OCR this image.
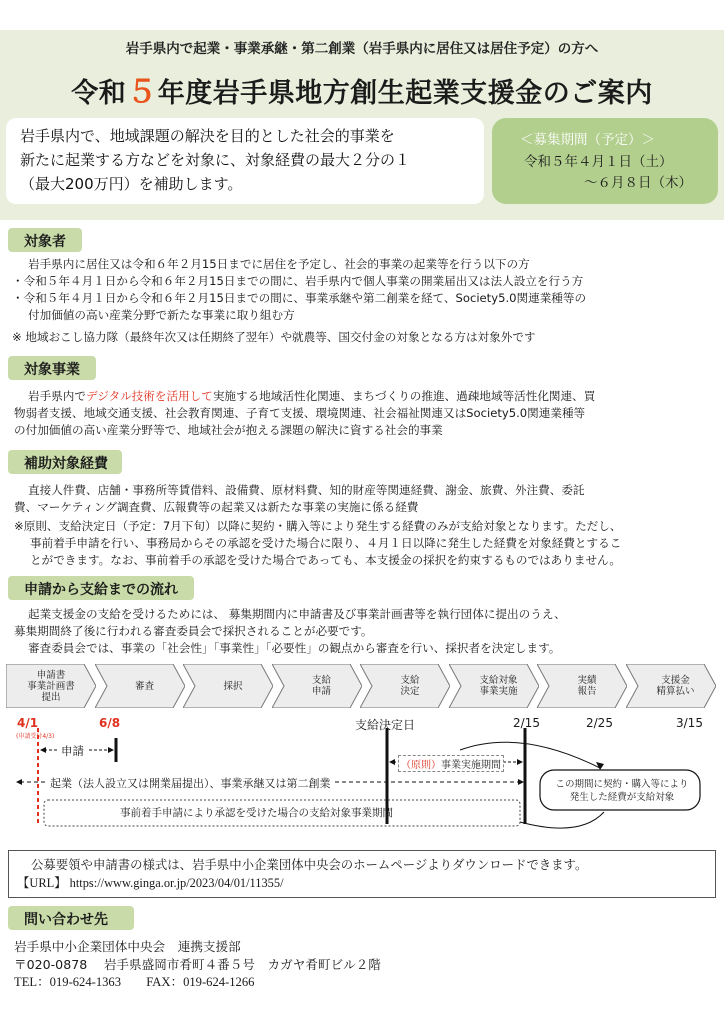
岩手県内で起業・事業承継・第二創業（岩手県内に居住又は居住予定）の方へ
令和５年度岩手県地方創生起業支援金のご案内
岩手県内で、地域課題の解決を目的とした社会的事業を
新たに起業する方などを対象に、対象経費の最大２分の１
（最大200万円）を補助します。
＜募集期間（予定）＞
令和５年４月１日（土）
～６月８日（木）
対象者
岩手県内に居住又は令和６年２月15日までに居住を予定し、社会的事業の起業等を行う以下の方
・令和５年４月１日から令和６年２月15日までの間に、岩手県内で個人事業の開業届出又は法人設立を行う方
・令和５年４月１日から令和６年２月15日までの間に、事業承継や第二創業を経て、Society5.0関連業種等の
付加価値の高い産業分野で新たな事業に取り組む方
※ 地域おこし協力隊（最終年次又は任期終了翌年）や就農等、国交付金の対象となる方は対象外です
対象事業
岩手県内でデジタル技術を活用して実施する地域活性化関連、まちづくりの推進、過疎地域等活性化関連、買
物弱者支援、地域交通支援、社会教育関連、子育て支援、環境関連、社会福祉関連又はSociety5.0関連業種等
の付加価値の高い産業分野等で、地域社会が抱える課題の解決に資する社会的事業
補助対象経費
直接人件費、店舗・事務所等賃借料、設備費、原材料費、知的財産等関連経費、謝金、旅費、外注費、委託
費、マーケティング調査費、広報費等の起業又は新たな事業の実施に係る経費
※原則、支給決定日（予定：7月下旬）以降に契約・購入等により発生する経費のみが支給対象となります。ただし、
事前着手申請を行い、事務局からその承認を受けた場合に限り、４月１日以降に発生した経費を対象経費とするこ
とができます。なお、事前着手の承認を受けた場合であっても、本支援金の採択を約束するものではありません。
申請から支給までの流れ
起業支援金の支給を受けるためには、 募集期間内に申請書及び事業計画書等を執行団体に提出のうえ、
募集期間終了後に行われる審査委員会で採択されることが必要です。
審査委員会では、事業の「社会性」「事業性」「必要性」の観点から審査を行い、採択者を決定します。
申請書
事業計画書
提出
審査	採択	支給
申請
支給
決定
支給対象
事業実施
実績
報告
支援金
精算払い
4/1
(申請受付4/3)
6/8	支給決定日	2/15	2/25	3/15
申請
（原則）事業実施期間
起業（法人設立又は開業届提出）、事業承継又は第二創業
事前着手申請により承認を受けた場合の支給対象事業期間
この期間に契約・購入等により
発生した経費が支給対象
公募要領や申請書の様式は、岩手県中小企業団体中央会のホームページよりダウンロードできます。
【URL】 https://www.ginga.or.jp/2023/04/01/11355/
問い合わせ先
岩手県中小企業団体中央会　連携支援部
〒020-0878　 岩手県盛岡市肴町４番５号　カガヤ肴町ビル２階
TEL：019-624-1363　　FAX：019-624-1266
